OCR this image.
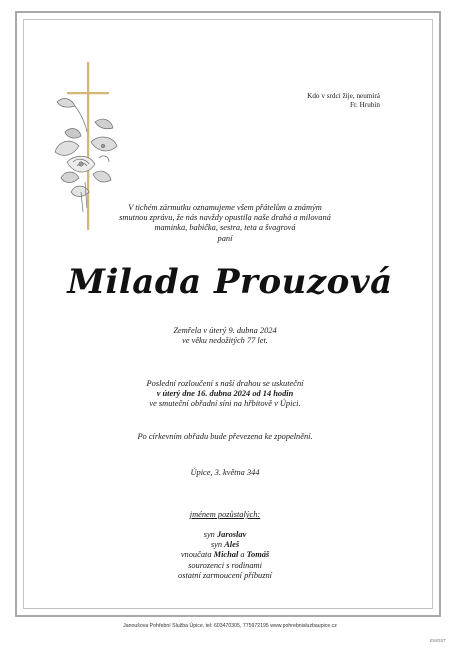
Kdo v srdci žije, neumírá
Fr. Hrubín
V tichém zármutku oznamujeme všem přátelům a známým
smutnou zprávu, že nás navždy opustila naše drahá a milovaná
maminka, babička, sestra, teta a švagrová
paní
Milada Prouzová
Zemřela v úterý 9. dubna 2024
ve věku nedožitých 77 let.
Poslední rozloučení s naší drahou se uskuteční
v úterý dne 16. dubna 2024 od 14 hodin
ve smuteční obřadní síni na hřbitově v Úpici.
Po církevním obřadu bude převezena ke zpopelnění.
Úpice, 3. května 344
jménem pozůstalých:
syn Jaroslav
syn Aleš
vnoučata Michal a Tomáš
sourozenci s rodinami
ostatní zarmoucení příbuzní
Janoušova Pohřební Služba Úpice, tel: 603470305, 775972195 www.pohrebnisluzbaupice.cz
EMOST
